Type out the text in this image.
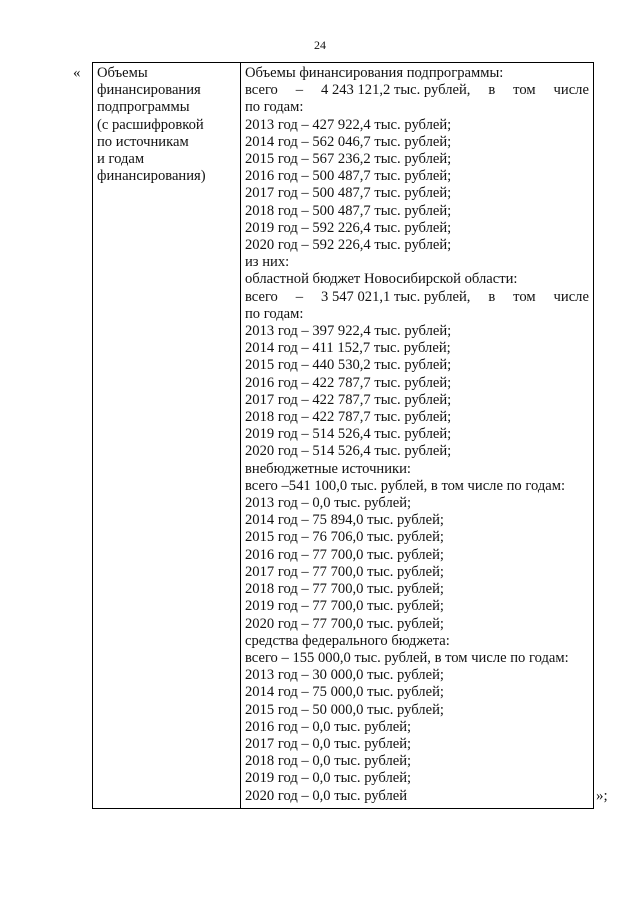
24
« Объемы
финансирования
подпрограммы
(с расшифровкой
по источникам
и годам
финансирования)

Объемы финансирования подпрограммы:
всего – 4 243 121,2 тыс. рублей, в том числе
по годам:
2013 год – 427 922,4 тыс. рублей;
2014 год – 562 046,7 тыс. рублей;
2015 год – 567 236,2 тыс. рублей;
2016 год – 500 487,7 тыс. рублей;
2017 год – 500 487,7 тыс. рублей;
2018 год – 500 487,7 тыс. рублей;
2019 год – 592 226,4 тыс. рублей;
2020 год – 592 226,4 тыс. рублей;
из них:
областной бюджет Новосибирской области:
всего – 3 547 021,1 тыс. рублей, в том числе
по годам:
2013 год – 397 922,4 тыс. рублей;
2014 год – 411 152,7 тыс. рублей;
2015 год – 440 530,2 тыс. рублей;
2016 год – 422 787,7 тыс. рублей;
2017 год – 422 787,7 тыс. рублей;
2018 год – 422 787,7 тыс. рублей;
2019 год – 514 526,4 тыс. рублей;
2020 год – 514 526,4 тыс. рублей;
внебюджетные источники:
всего –541 100,0 тыс. рублей, в том числе по годам:
2013 год – 0,0 тыс. рублей;
2014 год – 75 894,0 тыс. рублей;
2015 год – 76 706,0 тыс. рублей;
2016 год – 77 700,0 тыс. рублей;
2017 год – 77 700,0 тыс. рублей;
2018 год – 77 700,0 тыс. рублей;
2019 год – 77 700,0 тыс. рублей;
2020 год – 77 700,0 тыс. рублей;
средства федерального бюджета:
всего – 155 000,0 тыс. рублей, в том числе по годам:
2013 год – 30 000,0 тыс. рублей;
2014 год – 75 000,0 тыс. рублей;
2015 год – 50 000,0 тыс. рублей;
2016 год – 0,0 тыс. рублей;
2017 год – 0,0 тыс. рублей;
2018 год – 0,0 тыс. рублей;
2019 год – 0,0 тыс. рублей;
2020 год – 0,0 тыс. рублей	»;
